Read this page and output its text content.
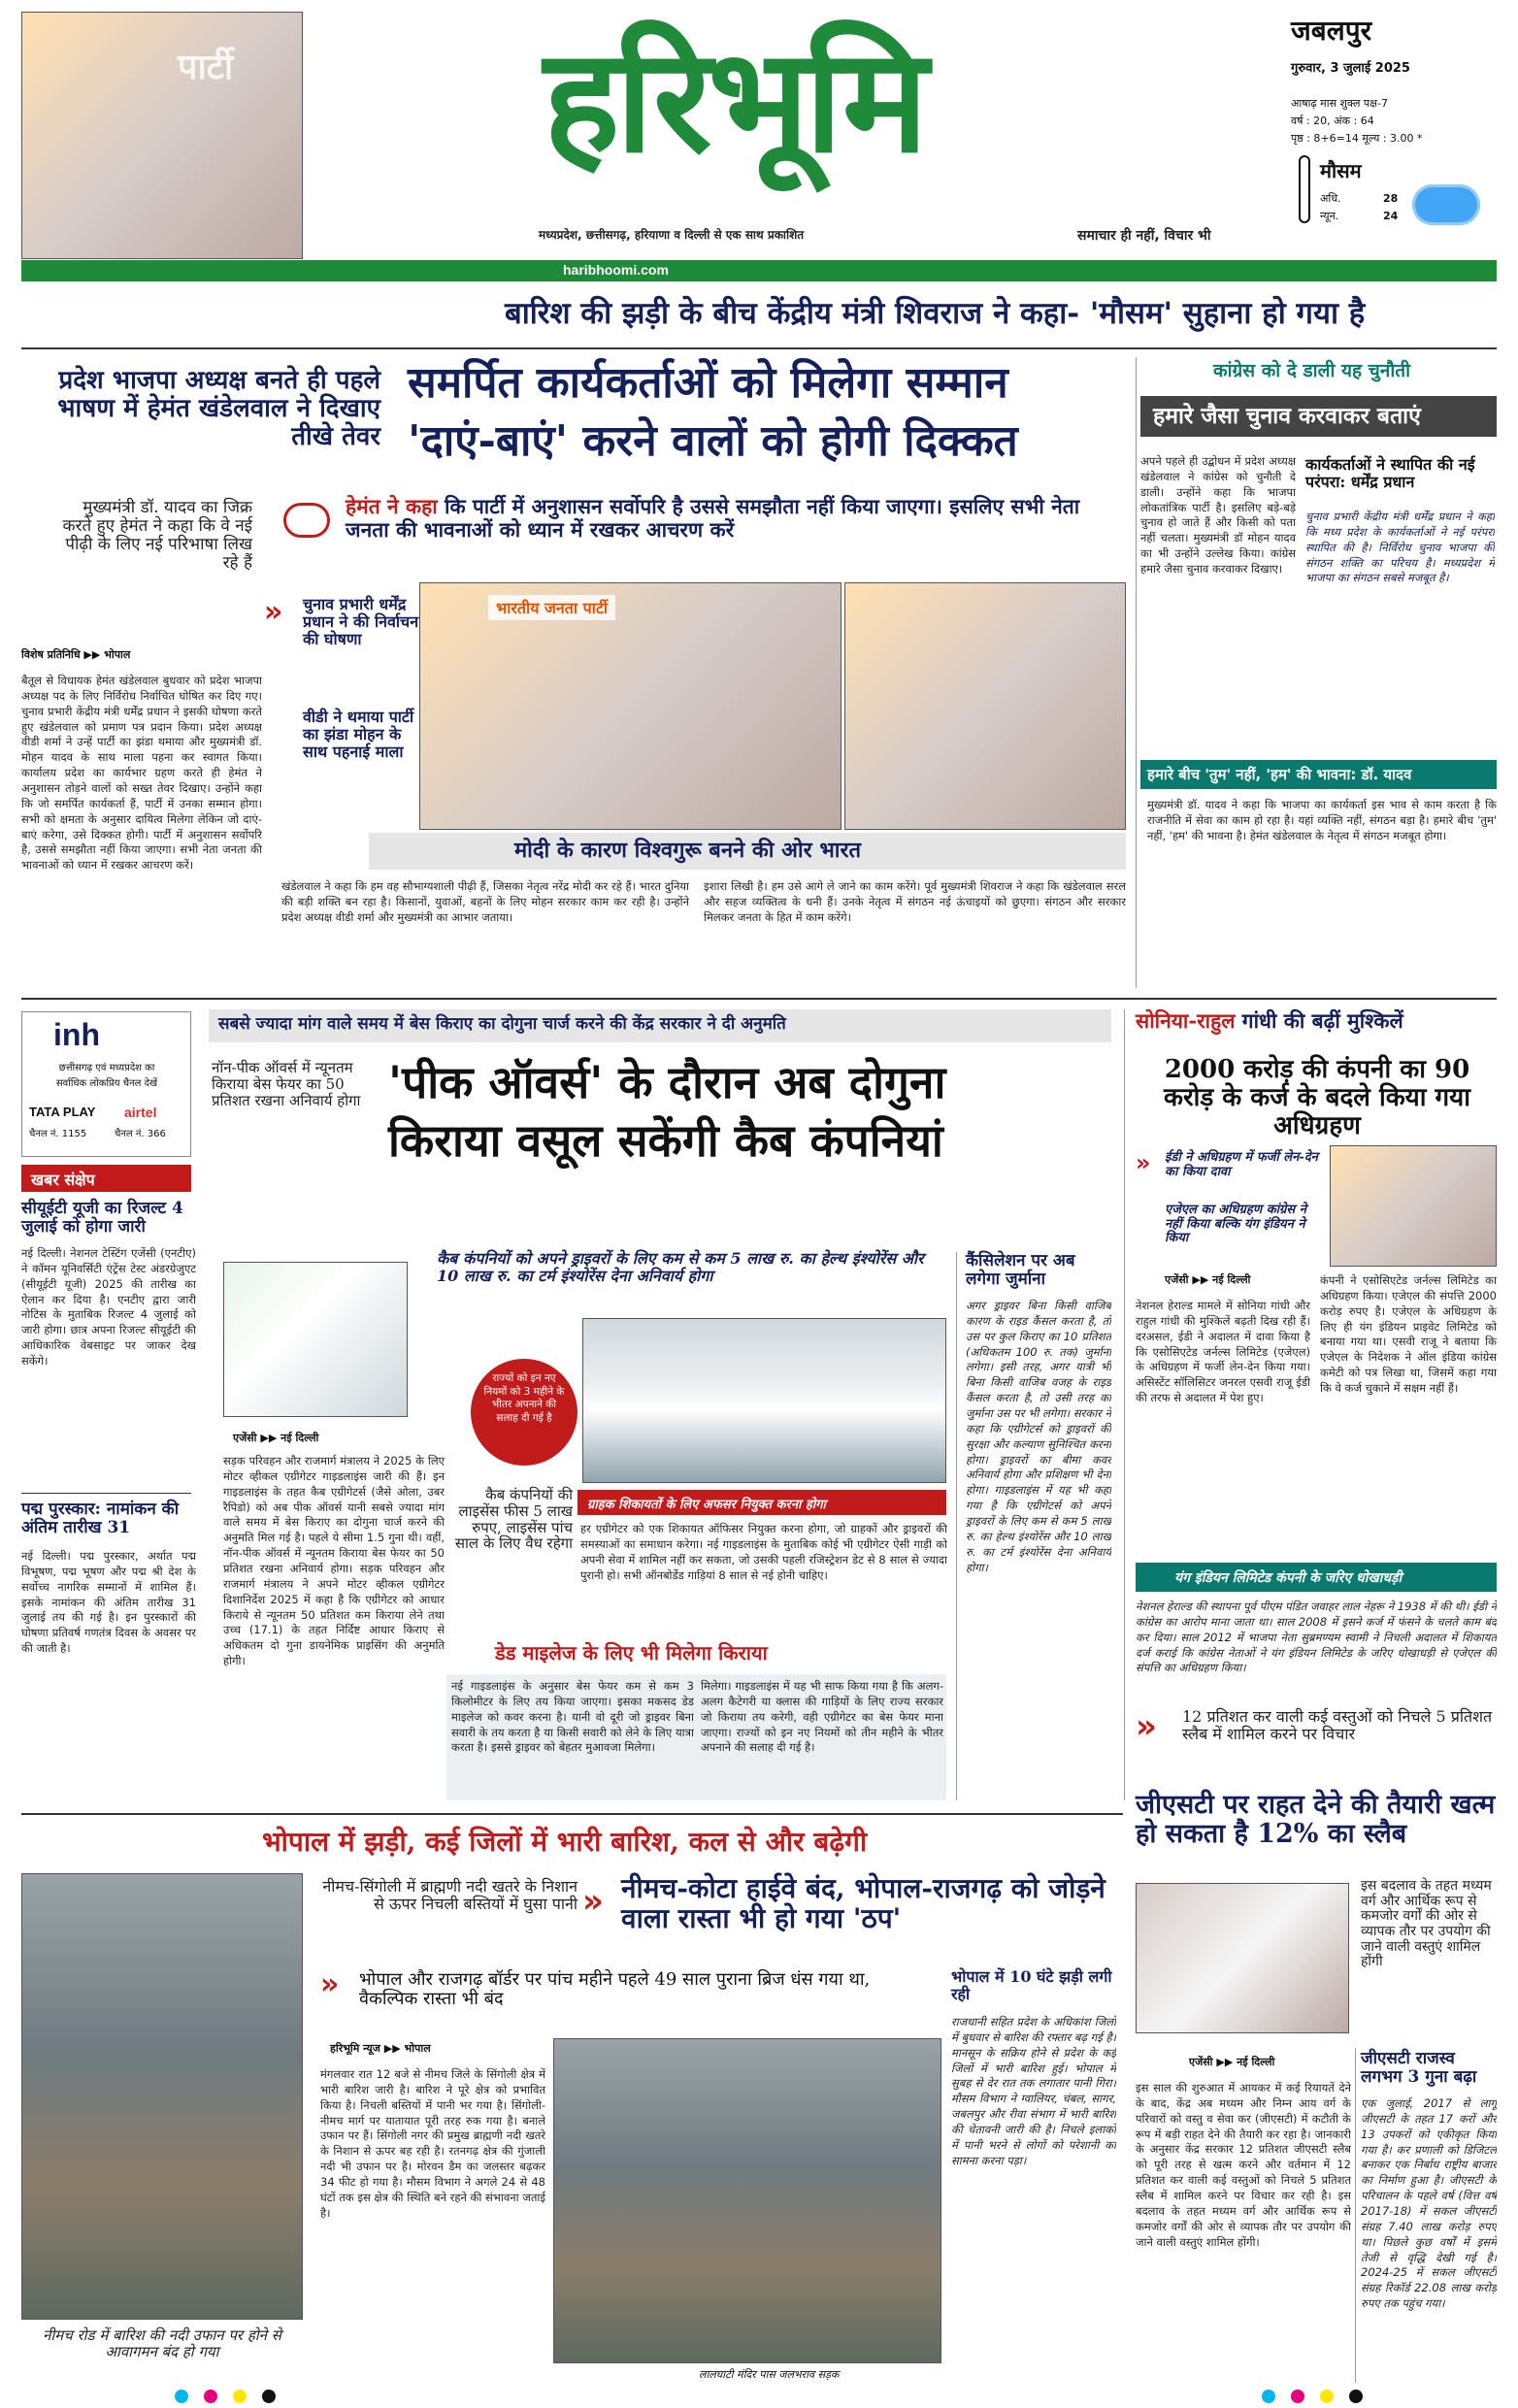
पार्टी हरिभूमि
मध्यप्रदेश, छत्तीसगढ़, हरियाणा व दिल्ली से एक साथ प्रकाशित	समाचार ही नहीं, विचार भी
haribhoomi.com
जबलपुर
गुरुवार, 3 जुलाई 2025
आषाढ़ मास शुक्ल पक्ष-7
वर्ष : 20, अंक : 64
पृष्ठ : 8+6=14 मूल्य : 3.00 *
मौसम
अधि.	28
न्यून.	24
बारिश की झड़ी के बीच केंद्रीय मंत्री शिवराज ने कहा- 'मौसम' सुहाना हो गया है
प्रदेश भाजपा अध्यक्ष बनते ही पहले भाषण में हेमंत खंडेलवाल ने दिखाए तीखे तेवर
समर्पित कार्यकर्ताओं को मिलेगा सम्मान
'दाएं-बाएं' करने वालों को होगी दिक्कत
हेमंत ने कहा कि पार्टी में अनुशासन सर्वोपरि है उससे समझौता नहीं किया जाएगा। इसलिए सभी नेता जनता की भावनाओं को ध्यान में रखकर आचरण करें
मुख्यमंत्री डॉ. यादव का जिक्र करते हुए हेमंत ने कहा कि वे नई पीढ़ी के लिए नई परिभाषा लिख रहे हैं
विशेष प्रतिनिधि ▶▶ भोपाल
बैतूल से विधायक हेमंत खंडेलवाल बुधवार को प्रदेश भाजपा अध्यक्ष पद के लिए निर्विरोध निर्वाचित घोषित कर दिए गए। चुनाव प्रभारी केंद्रीय मंत्री धर्मेंद्र प्रधान ने इसकी घोषणा करते हुए खंडेलवाल को प्रमाण पत्र प्रदान किया। प्रदेश अध्यक्ष वीडी शर्मा ने उन्हें पार्टी का झंडा थमाया और मुख्यमंत्री डॉ. मोहन यादव के साथ माला पहना कर स्वागत किया। कार्यालय प्रदेश का कार्यभार ग्रहण करते ही हेमंत ने अनुशासन तोड़ने वालों को सख्त तेवर दिखाए। उन्होंने कहा कि जो समर्पित कार्यकर्ता हैं, पार्टी में उनका सम्मान होगा। सभी को क्षमता के अनुसार दायित्व मिलेगा लेकिन जो दाएं-बाएं करेगा, उसे दिक्कत होगी। पार्टी में अनुशासन सर्वोपरि है, उससे समझौता नहीं किया जाएगा। सभी नेता जनता की भावनाओं को ध्यान में रखकर आचरण करें।
» चुनाव प्रभारी धर्मेंद्र प्रधान ने की निर्वाचन की घोषणा
वीडी ने थमाया पार्टी का झंडा मोहन के साथ पहनाई माला
भारतीय जनता पार्टी
मोदी के कारण विश्वगुरू बनने की ओर भारत
खंडेलवाल ने कहा कि हम वह सौभाग्यशाली पीढ़ी हैं, जिसका नेतृत्व नरेंद्र मोदी कर रहे हैं। भारत दुनिया की बड़ी शक्ति बन रहा है। किसानों, युवाओं, बहनों के लिए मोहन सरकार काम कर रही है। उन्होंने प्रदेश अध्यक्ष वीडी शर्मा और मुख्यमंत्री का आभार जताया।
इशारा लिखी है। हम उसे आगे ले जाने का काम करेंगे। पूर्व मुख्यमंत्री शिवराज ने कहा कि खंडेलवाल सरल और सहज व्यक्तित्व के धनी हैं। उनके नेतृत्व में संगठन नई ऊंचाइयों को छुएगा। संगठन और सरकार मिलकर जनता के हित में काम करेंगे।
कांग्रेस को दे डाली यह चुनौती
हमारे जैसा चुनाव करवाकर बताएं
अपने पहले ही उद्बोधन में प्रदेश अध्यक्ष खंडेलवाल ने कांग्रेस को चुनौती दे डाली। उन्होंने कहा कि भाजपा लोकतांत्रिक पार्टी है। इसलिए बड़े-बड़े चुनाव हो जाते हैं और किसी को पता नहीं चलता। मुख्यमंत्री डॉ मोहन यादव का भी उन्होंने उल्लेख किया। कांग्रेस हमारे जैसा चुनाव करवाकर दिखाए।
कार्यकर्ताओं ने स्थापित की नई परंपरा: धर्मेंद्र प्रधान
चुनाव प्रभारी केंद्रीय मंत्री धर्मेंद्र प्रधान ने कहा कि मध्य प्रदेश के कार्यकर्ताओं ने नई परंपरा स्थापित की है। निर्विरोध चुनाव भाजपा की संगठन शक्ति का परिचय है। मध्यप्रदेश में भाजपा का संगठन सबसे मजबूत है।
हमारे बीच 'तुम' नहीं, 'हम' की भावना: डॉ. यादव
मुख्यमंत्री डॉ. यादव ने कहा कि भाजपा का कार्यकर्ता इस भाव से काम करता है कि राजनीति में सेवा का काम हो रहा है। यहां व्यक्ति नहीं, संगठन बड़ा है। हमारे बीच 'तुम' नहीं, 'हम' की भावना है। हेमंत खंडेलवाल के नेतृत्व में संगठन मजबूत होगा।
inh
छत्तीसगढ़ एवं मध्यप्रदेश का
सर्वाधिक लोकप्रिय चैनल देखें
TATA PLAY airtel
चैनल नं. 1155	चैनल नं. 366
खबर संक्षेप
सीयूईटी यूजी का रिजल्ट 4 जुलाई को होगा जारी
नई दिल्ली। नेशनल टेस्टिंग एजेंसी (एनटीए) ने कॉमन यूनिवर्सिटी एंट्रेंस टेस्ट अंडरग्रेजुएट (सीयूईटी यूजी) 2025 की तारीख का ऐलान कर दिया है। एनटीए द्वारा जारी नोटिस के मुताबिक रिजल्ट 4 जुलाई को जारी होगा। छात्र अपना रिजल्ट सीयूईटी की आधिकारिक वेबसाइट पर जाकर देख सकेंगे।
पद्म पुरस्कार: नामांकन की अंतिम तारीख 31
नई दिल्ली। पद्म पुरस्कार, अर्थात पद्म विभूषण, पद्म भूषण और पद्म श्री देश के सर्वोच्च नागरिक सम्मानों में शामिल हैं। इसके नामांकन की अंतिम तारीख 31 जुलाई तय की गई है। इन पुरस्कारों की घोषणा प्रतिवर्ष गणतंत्र दिवस के अवसर पर की जाती है।
सबसे ज्यादा मांग वाले समय में बेस किराए का दोगुना चार्ज करने की केंद्र सरकार ने दी अनुमति
नॉन-पीक ऑवर्स में न्यूनतम किराया बेस फेयर का 50 प्रतिशत रखना अनिवार्य होगा 'पीक ऑवर्स' के दौरान अब दोगुना
किराया वसूल सकेंगी कैब कंपनियां
कैब कंपनियों को अपने ड्राइवरों के लिए कम से कम 5 लाख रु. का हेल्थ इंश्योरेंस और 10 लाख रु. का टर्म इंश्योरेंस देना अनिवार्य होगा
राज्यों को इन नए नियमों को 3 महीने के भीतर अपनाने की सलाह दी गई है
एजेंसी ▶▶ नई दिल्ली
सड़क परिवहन और राजमार्ग मंत्रालय ने 2025 के लिए मोटर व्हीकल एग्रीगेटर गाइडलाइंस जारी की हैं। इन गाइडलाइंस के तहत कैब एग्रीगेटर्स (जैसे ओला, उबर रैपिडो) को अब पीक ऑवर्स यानी सबसे ज्यादा मांग वाले समय में बेस किराए का दोगुना चार्ज करने की अनुमति मिल गई है। पहले ये सीमा 1.5 गुना थी। वहीं, नॉन-पीक ऑवर्स में न्यूनतम किराया बेस फेयर का 50 प्रतिशत रखना अनिवार्य होगा। सड़क परिवहन और राजमार्ग मंत्रालय ने अपने मोटर व्हीकल एग्रीगेटर दिशानिर्देश 2025 में कहा है कि एग्रीगेटर को आधार किराये से न्यूनतम 50 प्रतिशत कम किराया लेने तथा उच्च (17.1) के तहत निर्दिष्ट आधार किराए से अधिकतम दो गुना डायनेमिक प्राइसिंग की अनुमति होगी।
कैब कंपनियों की लाइसेंस फीस 5 लाख रुपए, लाइसेंस पांच साल के लिए वैध रहेगा
ग्राहक शिकायतों के लिए अफसर नियुक्त करना होगा
हर एग्रीगेटर को एक शिकायत ऑफिसर नियुक्त करना होगा, जो ग्राहकों और ड्राइवरों की समस्याओं का समाधान करेगा। नई गाइडलाइंस के मुताबिक कोई भी एग्रीगेटर ऐसी गाड़ी को अपनी सेवा में शामिल नहीं कर सकता, जो उसकी पहली रजिस्ट्रेशन डेट से 8 साल से ज्यादा पुरानी हो। सभी ऑनबोर्डेड गाड़ियां 8 साल से नई होनी चाहिए।
डेड माइलेज के लिए भी मिलेगा किराया
नई गाइडलाइंस के अनुसार बेस फेयर कम से कम 3 किलोमीटर के लिए तय किया जाएगा। इसका मकसद डेड माइलेज को कवर करना है। यानी वो दूरी जो ड्राइवर बिना सवारी के तय करता है या किसी सवारी को लेने के लिए यात्रा करता है। इससे ड्राइवर को बेहतर मुआवजा मिलेगा।
मिलेगा। गाइडलाइंस में यह भी साफ किया गया है कि अलग-अलग कैटेगरी या क्लास की गाड़ियों के लिए राज्य सरकार जो किराया तय करेगी, वही एग्रीगेटर का बेस फेयर माना जाएगा। राज्यों को इन नए नियमों को तीन महीने के भीतर अपनाने की सलाह दी गई है।
कैंसिलेशन पर अब लगेगा जुर्माना
अगर ड्राइवर बिना किसी वाजिब कारण के राइड कैंसल करता है, तो उस पर कुल किराए का 10 प्रतिशत (अधिकतम 100 रु. तक) जुर्माना लगेगा। इसी तरह, अगर यात्री भी बिना किसी वाजिब वजह के राइड कैंसल करता है, तो उसी तरह का जुर्माना उस पर भी लगेगा। सरकार ने कहा कि एग्रीगेटर्स को ड्राइवरों की सुरक्षा और कल्याण सुनिश्चित करना होगा। ड्राइवरों का बीमा कवर अनिवार्य होगा और प्रशिक्षण भी देना होगा। गाइडलाइंस में यह भी कहा गया है कि एग्रीगेटर्स को अपने ड्राइवरों के लिए कम से कम 5 लाख रु. का हेल्थ इंश्योरेंस और 10 लाख रु. का टर्म इंश्योरेंस देना अनिवार्य होगा।
सोनिया-राहुल गांधी की बढ़ीं मुश्किलें
2000 करोड़ की कंपनी का 90 करोड़ के कर्ज के बदले किया गया अधिग्रहण
» ईडी ने अधिग्रहण में फर्जी लेन-देन का किया दावा
एजेएल का अधिग्रहण कांग्रेस ने नहीं किया बल्कि यंग इंडियन ने किया
एजेंसी ▶▶ नई दिल्ली
नेशनल हेराल्ड मामले में सोनिया गांधी और राहुल गांधी की मुश्किलें बढ़ती दिख रही हैं। दरअसल, ईडी ने अदालत में दावा किया है कि एसोसिएटेड जर्नल्स लिमिटेड (एजेएल) के अधिग्रहण में फर्जी लेन-देन किया गया। असिस्टेंट सॉलिसिटर जनरल एसवी राजू ईडी की तरफ से अदालत में पेश हुए।
कंपनी ने एसोसिएटेड जर्नल्स लिमिटेड का अधिग्रहण किया। एजेएल की संपत्ति 2000 करोड़ रुपए है। एजेएल के अधिग्रहण के लिए ही यंग इंडियन प्राइवेट लिमिटेड को बनाया गया था। एसवी राजू ने बताया कि एजेएल के निदेशक ने ऑल इंडिया कांग्रेस कमेटी को पत्र लिखा था, जिसमें कहा गया कि वे कर्ज चुकाने में सक्षम नहीं हैं।
यंग इंडियन लिमिटेड कंपनी के जरिए धोखाधड़ी
नेशनल हेराल्ड की स्थापना पूर्व पीएम पंडित जवाहर लाल नेहरू ने 1938 में की थी। ईडी ने कांग्रेस का आरोप माना जाता था। साल 2008 में इसने कर्ज में फंसने के चलते काम बंद कर दिया। साल 2012 में भाजपा नेता सुब्रमण्यम स्वामी ने निचली अदालत में शिकायत दर्ज कराई कि कांग्रेस नेताओं ने यंग इंडियन लिमिटेड के जरिए धोखाधड़ी से एजेएल की संपत्ति का अधिग्रहण किया।
» 12 प्रतिशत कर वाली कई वस्तुओं को निचले 5 प्रतिशत स्लैब में शामिल करने पर विचार
जीएसटी पर राहत देने की तैयारी खत्म हो सकता है 12% का स्लैब
इस बदलाव के तहत मध्यम वर्ग और आर्थिक रूप से कमजोर वर्गों की ओर से व्यापक तौर पर उपयोग की जाने वाली वस्तुएं शामिल होंगी
एजेंसी ▶▶ नई दिल्ली
इस साल की शुरुआत में आयकर में कई रियायतें देने के बाद, केंद्र अब मध्यम और निम्न आय वर्ग के परिवारों को वस्तु व सेवा कर (जीएसटी) में कटौती के रूप में बड़ी राहत देने की तैयारी कर रहा है। जानकारी के अनुसार केंद्र सरकार 12 प्रतिशत जीएसटी स्लैब को पूरी तरह से खत्म करने और वर्तमान में 12 प्रतिशत कर वाली कई वस्तुओं को निचले 5 प्रतिशत स्लैब में शामिल करने पर विचार कर रही है। इस बदलाव के तहत मध्यम वर्ग और आर्थिक रूप से कमजोर वर्गों की ओर से व्यापक तौर पर उपयोग की जाने वाली वस्तुएं शामिल होंगी।
जीएसटी राजस्व लगभग 3 गुना बढ़ा
एक जुलाई, 2017 से लागू जीएसटी के तहत 17 करों और 13 उपकरों को एकीकृत किया गया है। कर प्रणाली को डिजिटल बनाकर एक निर्बाध राष्ट्रीय बाजार का निर्माण हुआ है। जीएसटी के परिचालन के पहले वर्ष (वित्त वर्ष 2017-18) में सकल जीएसटी संग्रह 7.40 लाख करोड़ रुपए था। पिछले कुछ वर्षों में इसमें तेजी से वृद्धि देखी गई है। 2024-25 में सकल जीएसटी संग्रह रिकॉर्ड 22.08 लाख करोड़ रुपए तक पहुंच गया।
भोपाल में झड़ी, कई जिलों में भारी बारिश, कल से और बढ़ेगी
नीमच रोड में बारिश की नदी उफान पर होने से आवागमन बंद हो गया
नीमच-सिंगोली में ब्राह्मणी नदी खतरे के निशान से ऊपर निचली बस्तियों में घुसा पानी » नीमच-कोटा हाईवे बंद, भोपाल-राजगढ़ को जोड़ने वाला रास्ता भी हो गया 'ठप'
» भोपाल और राजगढ़ बॉर्डर पर पांच महीने पहले 49 साल पुराना ब्रिज धंस गया था, वैकल्पिक रास्ता भी बंद
हरिभूमि न्यूज ▶▶ भोपाल
मंगलवार रात 12 बजे से नीमच जिले के सिंगोली क्षेत्र में भारी बारिश जारी है। बारिश ने पूरे क्षेत्र को प्रभावित किया है। निचली बस्तियों में पानी भर गया है। सिंगोली-नीमच मार्ग पर यातायात पूरी तरह रुक गया है। बनाले उफान पर हैं। सिंगोली नगर की प्रमुख ब्राह्मणी नदी खतरे के निशान से ऊपर बह रही है। रतनगढ़ क्षेत्र की गुंजाली नदी भी उफान पर है। मोरवन डैम का जलस्तर बढ़कर 34 फीट हो गया है। मौसम विभाग ने अगले 24 से 48 घंटों तक इस क्षेत्र की स्थिति बने रहने की संभावना जताई है।
लालघाटी मंदिर पास जलभराव सड़क
भोपाल में 10 घंटे झड़ी लगी रही
राजधानी सहित प्रदेश के अधिकांश जिलों में बुधवार से बारिश की रफ्तार बढ़ गई है। मानसून के सक्रिय होने से प्रदेश के कई जिलों में भारी बारिश हुई। भोपाल में सुबह से देर रात तक लगातार पानी गिरा। मौसम विभाग ने ग्वालियर, चंबल, सागर, जबलपुर और रीवा संभाग में भारी बारिश की चेतावनी जारी की है। निचले इलाकों में पानी भरने से लोगों को परेशानी का सामना करना पड़ा।
